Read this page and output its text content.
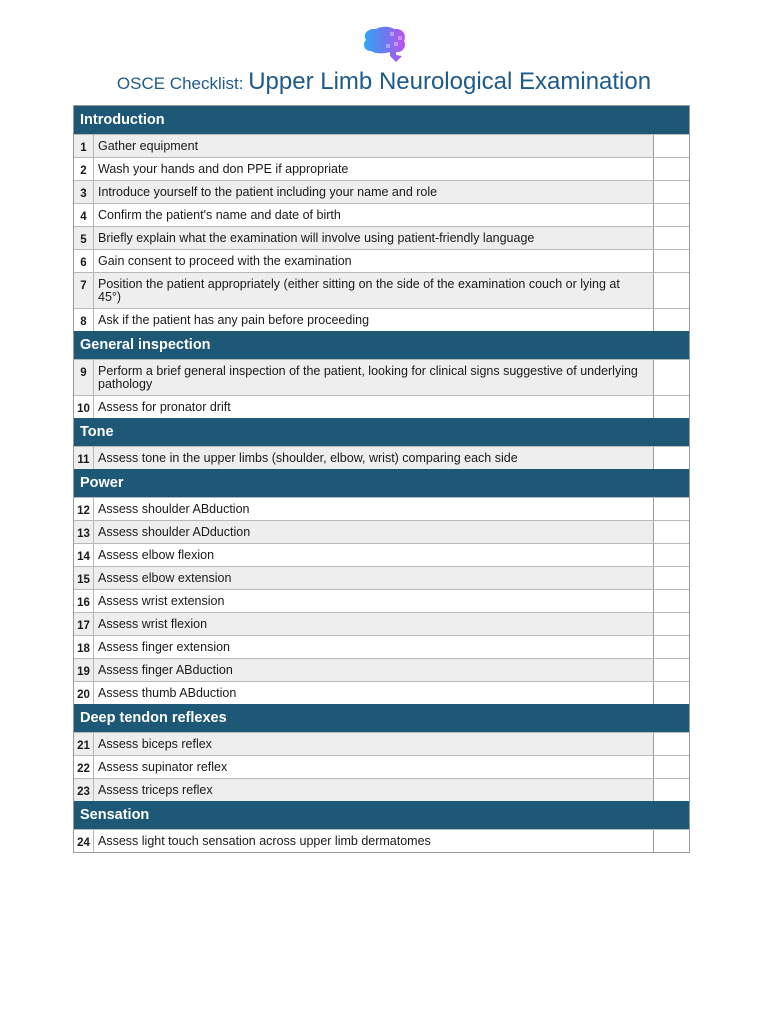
OSCE Checklist: Upper Limb Neurological Examination
Introduction
1 Gather equipment
2 Wash your hands and don PPE if appropriate
3 Introduce yourself to the patient including your name and role
4 Confirm the patient's name and date of birth
5 Briefly explain what the examination will involve using patient-friendly language
6 Gain consent to proceed with the examination
7 Position the patient appropriately (either sitting on the side of the examination couch or lying at 45°)
8 Ask if the patient has any pain before proceeding
General inspection
9 Perform a brief general inspection of the patient, looking for clinical signs suggestive of underlying pathology
10 Assess for pronator drift
Tone
11 Assess tone in the upper limbs (shoulder, elbow, wrist) comparing each side
Power
12 Assess shoulder ABduction
13 Assess shoulder ADduction
14 Assess elbow flexion
15 Assess elbow extension
16 Assess wrist extension
17 Assess wrist flexion
18 Assess finger extension
19 Assess finger ABduction
20 Assess thumb ABduction
Deep tendon reflexes
21 Assess biceps reflex
22 Assess supinator reflex
23 Assess triceps reflex
Sensation
24 Assess light touch sensation across upper limb dermatomes
